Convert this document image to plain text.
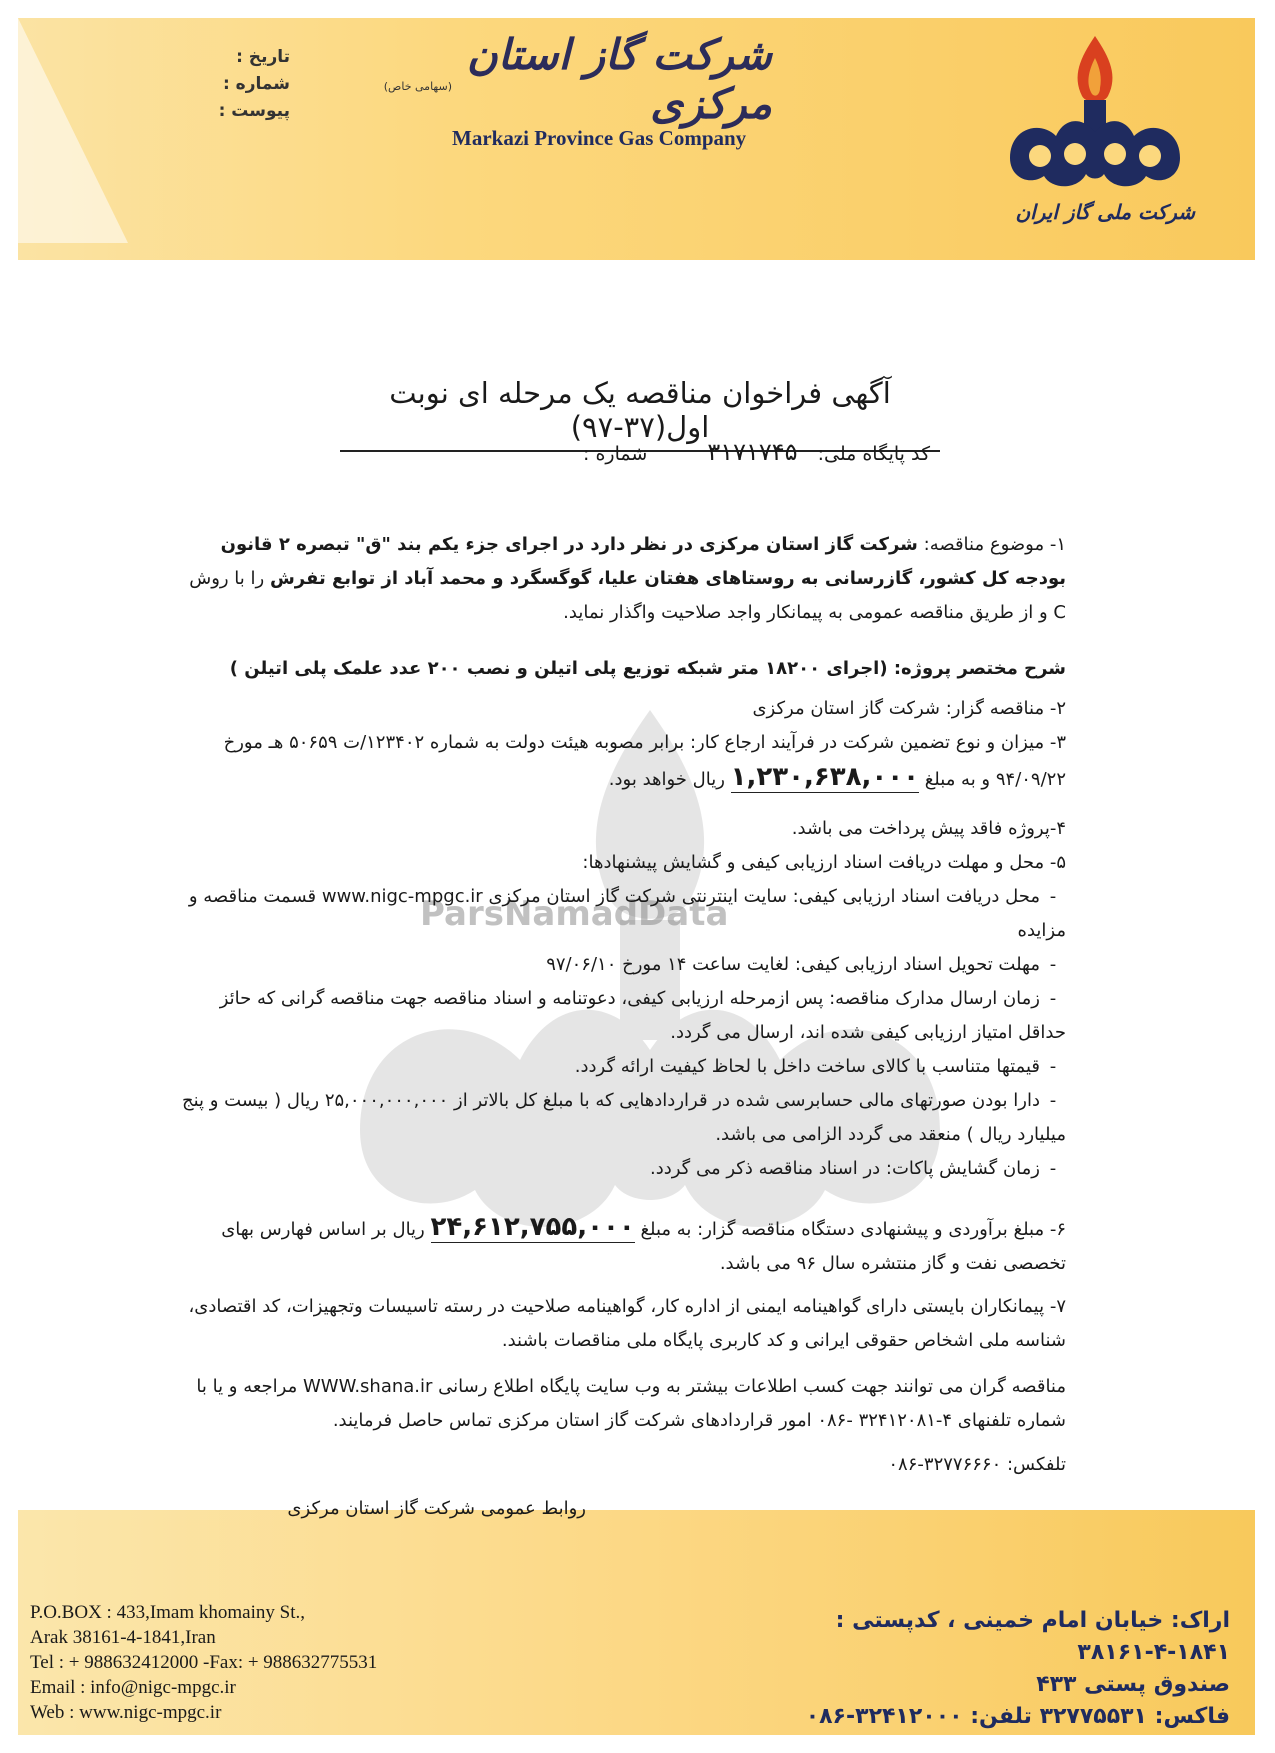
تاریخ :
شماره :
پیوست :
شرکت گاز استان مرکزی
(سهامی خاص)
Markazi Province Gas Company
شرکت ملی گاز ایران
ParsNamadData
آگهی فراخوان مناقصه یک مرحله ای نوبت اول(۳۷-۹۷)
کد پایگاه ملی: ۳۱۷۱۷۴۵ شماره :
۱- موضوع مناقصه: شرکت گاز استان مرکزی در نظر دارد در اجرای جزء یکم بند "ق" تبصره ۲ قانون بودجه کل کشور، گازرسانی به روستاهای هفتان علیا، گوگسگرد و محمد آباد از توابع تفرش را با روش C و از طریق مناقصه عمومی به پیمانکار واجد صلاحیت واگذار نماید.
شرح مختصر پروژه: (اجرای ۱۸۲۰۰ متر شبکه توزیع پلی اتیلن و نصب ۲۰۰ عدد علمک پلی اتیلن )
۲- مناقصه گزار: شرکت گاز استان مرکزی
۳- میزان و نوع تضمین شرکت در فرآیند ارجاع کار: برابر مصوبه هیئت دولت به شماره ۱۲۳۴۰۲/ت ۵۰۶۵۹ هـ مورخ ۹۴/۰۹/۲۲ و به مبلغ ۱,۲۳۰,۶۳۸,۰۰۰ ریال خواهد بود.
۴-پروژه فاقد پیش پرداخت می باشد.
۵- محل و مهلت دریافت اسناد ارزیابی کیفی و گشایش پیشنهادها:
-محل دریافت اسناد ارزیابی کیفی: سایت اینترنتی شرکت گاز استان مرکزی www.nigc-mpgc.ir قسمت مناقصه و مزایده
-مهلت تحویل اسناد ارزیابی کیفی: لغایت ساعت ۱۴ مورخ ۹۷/۰۶/۱۰
-زمان ارسال مدارک مناقصه: پس ازمرحله ارزیابی کیفی، دعوتنامه و اسناد مناقصه جهت مناقصه گرانی که حائز حداقل امتیاز ارزیابی کیفی شده اند، ارسال می گردد.
-قیمتها متناسب با کالای ساخت داخل با لحاظ کیفیت ارائه گردد.
-دارا بودن صورتهای مالی حسابرسی شده در قراردادهایی که با مبلغ کل بالاتر از ۲۵,۰۰۰,۰۰۰,۰۰۰ ریال ( بیست و پنج میلیارد ریال ) منعقد می گردد الزامی می باشد.
-زمان گشایش پاکات: در اسناد مناقصه ذکر می گردد.
۶- مبلغ برآوردی و پیشنهادی دستگاه مناقصه گزار: به مبلغ ۲۴,۶۱۲,۷۵۵,۰۰۰ ریال بر اساس فهارس بهای تخصصی نفت و گاز منتشره سال ۹۶ می باشد.
۷- پیمانکاران بایستی دارای گواهینامه ایمنی از اداره کار، گواهینامه صلاحیت در رسته تاسیسات وتجهیزات، کد اقتصادی، شناسه ملی اشخاص حقوقی ایرانی و کد کاربری پایگاه ملی مناقصات باشند.
مناقصه گران می توانند جهت کسب اطلاعات بیشتر به وب سایت پایگاه اطلاع رسانی WWW.shana.ir مراجعه و یا با شماره تلفنهای ۴-۳۲۴۱۲۰۸۱ -۰۸۶ امور قراردادهای شرکت گاز استان مرکزی تماس حاصل فرمایند.
تلفکس: ۳۲۷۷۶۶۶۰-۰۸۶
روابط عمومی شرکت گاز استان مرکزی
P.O.BOX : 433,Imam khomainy St.,
Arak 38161-4-1841,Iran
Tel : + 988632412000 -Fax: + 988632775531
Email : info@nigc-mpgc.ir
Web : www.nigc-mpgc.ir
اراک: خیابان امام خمینی ، کدپستی : ۱۸۴۱-۴-۳۸۱۶۱
صندوق پستی ۴۳۳
فاکس: ۳۲۷۷۵۵۳۱ تلفن: ۳۲۴۱۲۰۰۰-۰۸۶
